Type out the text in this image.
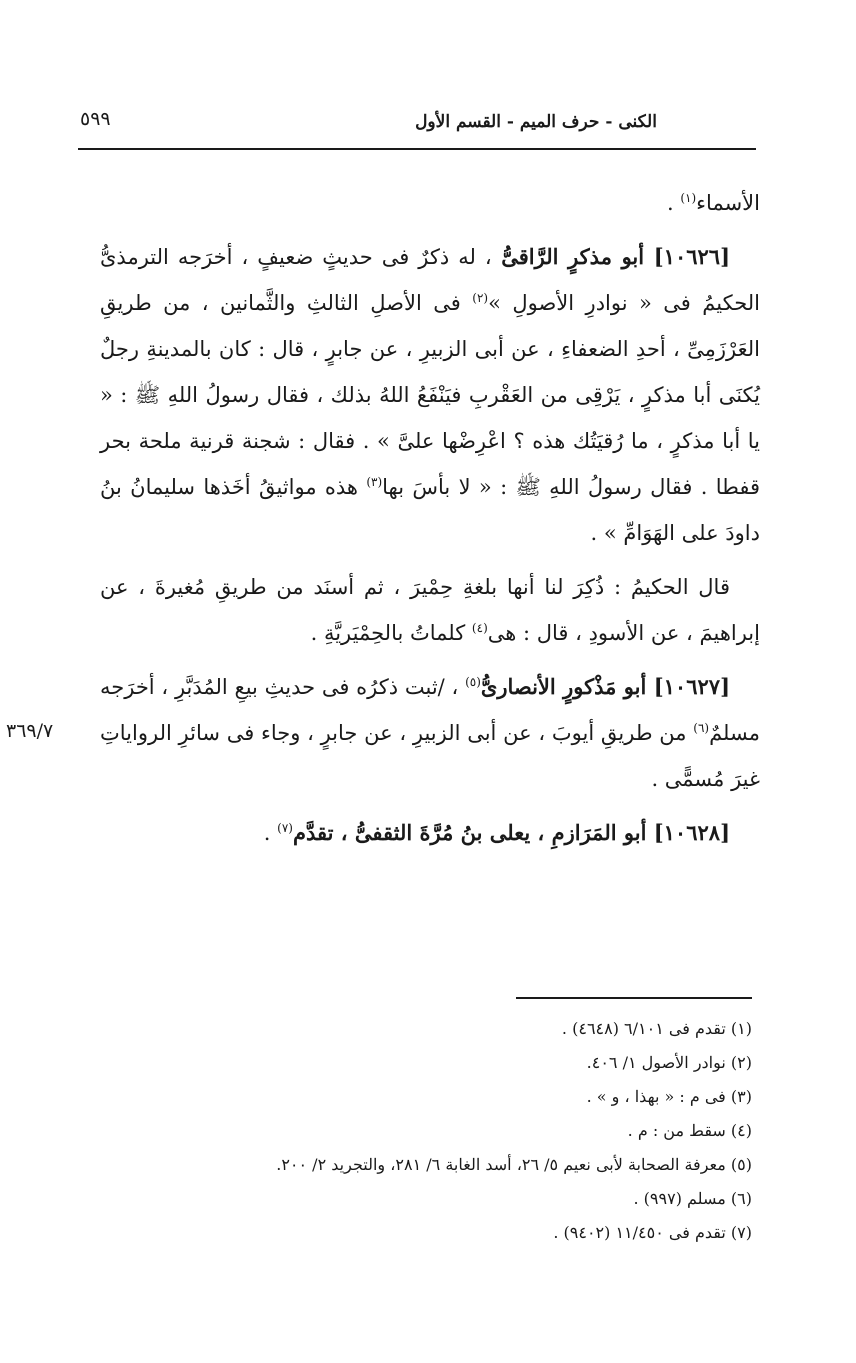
الكنى - حرف الميم - القسم الأول
٥٩٩

الأسماء$^{(١)}$ .

[١٠٦٢٦] أبو مذكرٍ الرَّاقىُّ ، له ذكرٌ فى حديثٍ ضعيفٍ ، أخرَجه الترمذىُّ الحكيمُ فى « نوادرِ الأصولِ »$^{(٢)}$ فى الأصلِ الثالثِ والثَّمانين ، من طريقِ العَرْزَمِىِّ ، أحدِ الضعفاءِ ، عن أبى الزبيرِ ، عن جابرٍ ، قال : كان بالمدينةِ رجلٌ يُكنَى أبا مذكرٍ ، يَرْقِى من العَقْربِ فيَنْفَعُ اللهُ بذلك ، فقال رسولُ اللهِ ﷺ : « يا أبا مذكرٍ ، ما رُقيَتُك هذه ؟ اعْرِضْها علىَّ » . فقال : شجنة قرنية ملحة بحر قفطا . فقال رسولُ اللهِ ﷺ : « لا بأسَ بها$^{(٣)}$ هذه مواثيقُ أخَذها سليمانُ بنُ داودَ على الهَوَامِّ » .

قال الحكيمُ : ذُكِرَ لنا أنها بلغةِ حِمْيرَ ، ثم أسنَد من طريقِ مُغيرةَ ، عن إبراهيمَ ، عن الأسودِ ، قال : هى$^{(٤)}$ كلماتُ بالحِمْيَريَّةِ .

[١٠٦٢٧] أبو مَذْكورٍ الأنصارىُّ$^{(٥)}$ ، /ثبت ذكرُه فى حديثِ بيعِ المُدَبَّرِ ، أخرَجه مسلمٌ$^{(٦)}$ من طريقِ أيوبَ ، عن أبى الزبيرِ ، عن جابرٍ ، وجاء فى سائرِ الرواياتِ غيرَ مُسمًّى .

[١٠٦٢٨] أبو المَرَازمِ ، يعلى بنُ مُرَّةَ الثقفىُّ ، تقدَّم$^{(٧)}$ .

٣٦٩/٧
(١) تقدم فى ٦/١٠١ (٤٦٤٨) .
(٢) نوادر الأصول ١/ ٤٠٦.
(٣) فى م : « بهذا ، و » .
(٤) سقط من : م .
(٥) معرفة الصحابة لأبى نعيم ٥/ ٢٦، أسد الغابة ٦/ ٢٨١، والتجريد ٢/ ٢٠٠.
(٦) مسلم (٩٩٧) .
(٧) تقدم فى ١١/٤٥٠ (٩٤٠٢) .
